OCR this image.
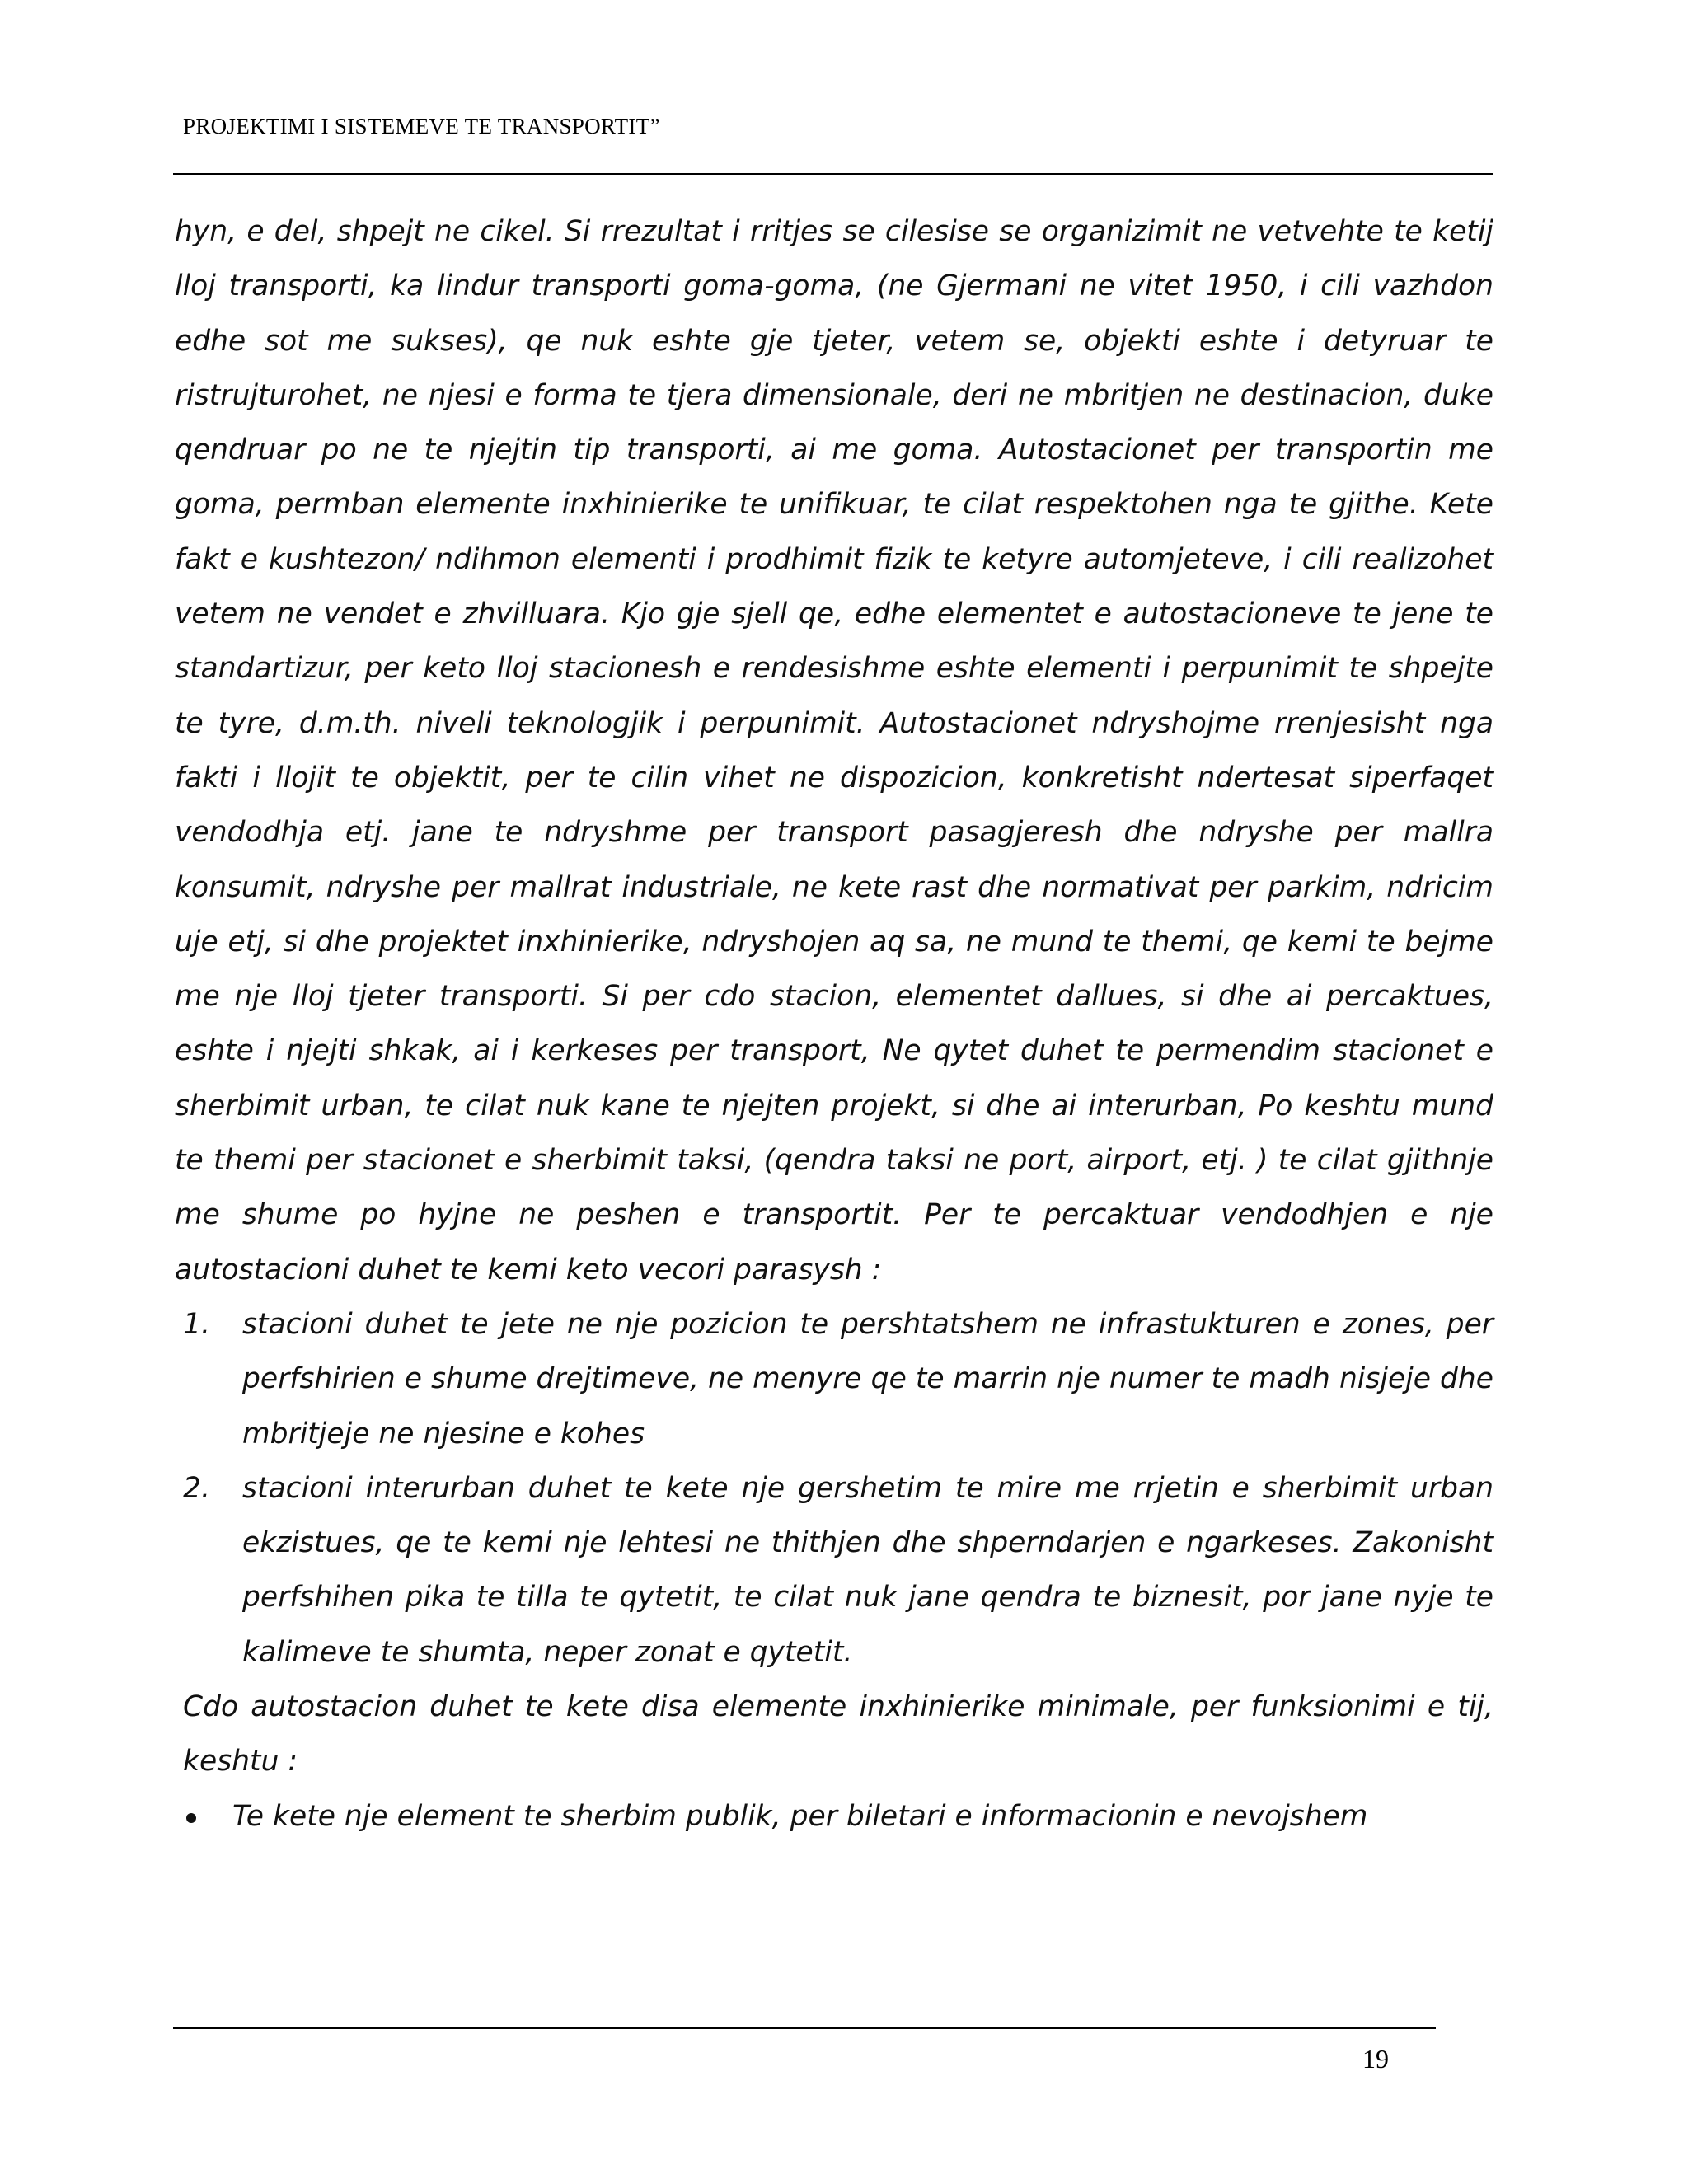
PROJEKTIMI I SISTEMEVE TE TRANSPORTIT”

hyn, e del, shpejt ne cikel. Si rrezultat i rritjes se cilesise se organizimit ne vetvehte te ketij lloj transporti, ka lindur transporti goma-goma, (ne Gjermani ne vitet 1950, i cili vazhdon edhe sot me sukses), qe nuk eshte gje tjeter, vetem se, objekti eshte i detyruar te ristrujturohet, ne njesi e forma te tjera dimensionale, deri ne mbritjen ne destinacion, duke qendruar po ne te njejtin tip transporti, ai me goma. Autostacionet per transportin me goma, permban elemente inxhinierike te unifikuar, te cilat respektohen nga te gjithe. Kete fakt e kushtezon/ ndihmon elementi i prodhimit fizik te ketyre automjeteve, i cili realizohet vetem ne vendet e zhvilluara. Kjo gje sjell qe, edhe elementet e autostacioneve te jene te standartizur, per keto lloj stacionesh e rendesishme eshte elementi i perpunimit te shpejte te tyre, d.m.th. niveli teknologjik i perpunimit. Autostacionet ndryshojme rrenjesisht nga fakti i llojit te objektit, per te cilin vihet ne dispozicion, konkretisht ndertesat siperfaqet vendodhja etj. jane te ndryshme per transport pasagjeresh dhe ndryshe per mallra konsumit, ndryshe per mallrat industriale, ne kete rast dhe normativat per parkim, ndricim uje etj, si dhe projektet inxhinierike, ndryshojen aq sa, ne mund te themi, qe kemi te bejme me nje lloj tjeter transporti. Si per cdo stacion, elementet dallues, si dhe ai percaktues, eshte i njejti shkak, ai i kerkeses per transport, Ne qytet duhet te permendim stacionet e sherbimit urban, te cilat nuk kane te njejten projekt, si dhe ai interurban, Po keshtu mund te themi per stacionet e sherbimit taksi, (qendra taksi ne port, airport, etj. ) te cilat gjithnje me shume po hyjne ne peshen e transportit. Per te percaktuar vendodhjen e nje autostacioni duhet te kemi keto vecori parasysh :

1. stacioni duhet te jete ne nje pozicion te pershtatshem ne infrastukturen e zones, per perfshirien e shume drejtimeve, ne menyre qe te marrin nje numer te madh nisjeje dhe mbritjeje ne njesine e kohes
2. stacioni interurban duhet te kete nje gershetim te mire me rrjetin e sherbimit urban ekzistues, qe te kemi nje lehtesi ne thithjen dhe shperndarjen e ngarkeses. Zakonisht perfshihen pika te tilla te qytetit, te cilat nuk jane qendra te biznesit, por jane nyje te kalimeve te shumta, neper zonat e qytetit.

Cdo autostacion duhet te kete disa elemente inxhinierike minimale, per funksionimi e tij, keshtu :

Te kete nje element te sherbim publik, per biletari e informacionin e nevojshem
19
